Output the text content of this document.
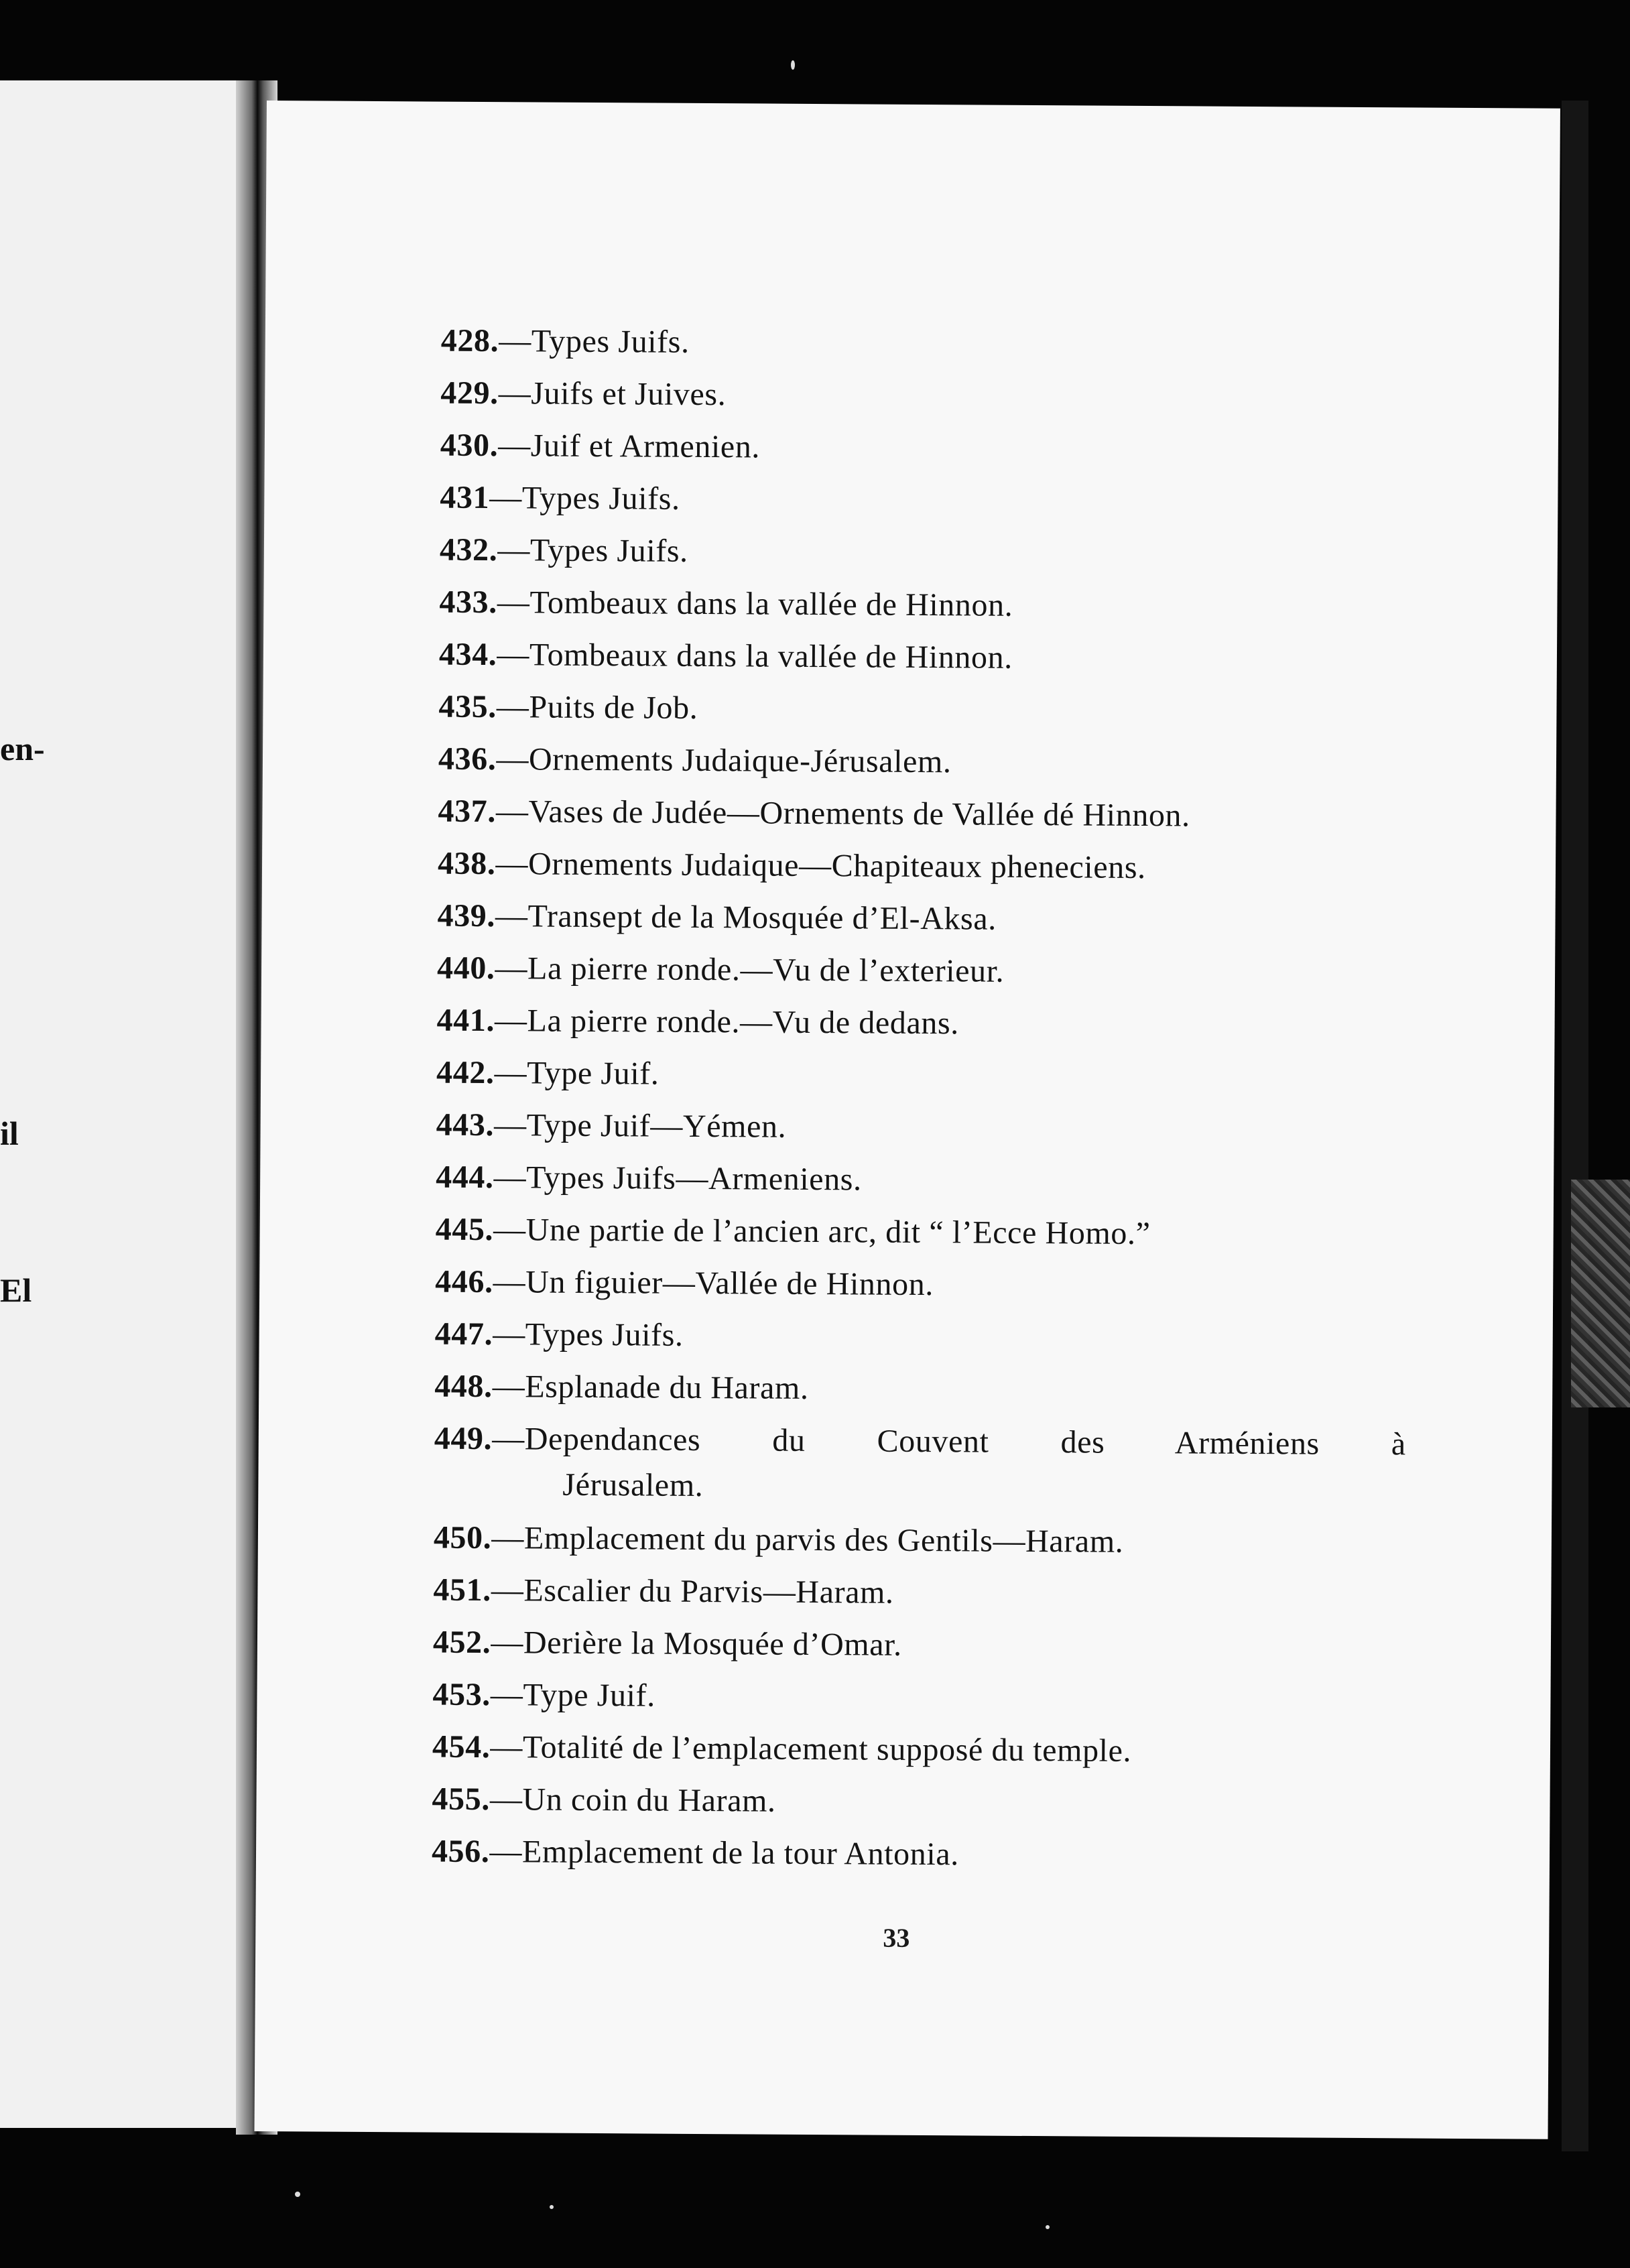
en-
il
El
428. — Types Juifs.
429. — Juifs et Juives.
430. — Juif et Armenien.
431 — Types Juifs.
432. — Types Juifs.
433. — Tombeaux dans la vallée de Hinnon.
434. — Tombeaux dans la vallée de Hinnon.
435. — Puits de Job.
436. — Ornements Judaique-Jérusalem.
437. — Vases de Judée—Ornements de Vallée dé Hinnon.
438. — Ornements Judaique—Chapiteaux pheneciens.
439. — Transept de la Mosquée d’El-Aksa.
440. — La pierre ronde.—Vu de l’exterieur.
441. — La pierre ronde.—Vu de dedans.
442. — Type Juif.
443. — Type Juif—Yémen.
444. — Types Juifs—Armeniens.
445. — Une partie de l’ancien arc, dit “ l’Ecce Homo.”
446. — Un figuier—Vallée de Hinnon.
447. — Types Juifs.
448. — Esplanade du Haram.
449. — Dependances du Couvent des Arméniens à
Jérusalem.
450. — Emplacement du parvis des Gentils—Haram.
451. — Escalier du Parvis—Haram.
452. — Derière la Mosquée d’Omar.
453. — Type Juif.
454. — Totalité de l’emplacement supposé du temple.
455. — Un coin du Haram.
456. — Emplacement de la tour Antonia.
33
